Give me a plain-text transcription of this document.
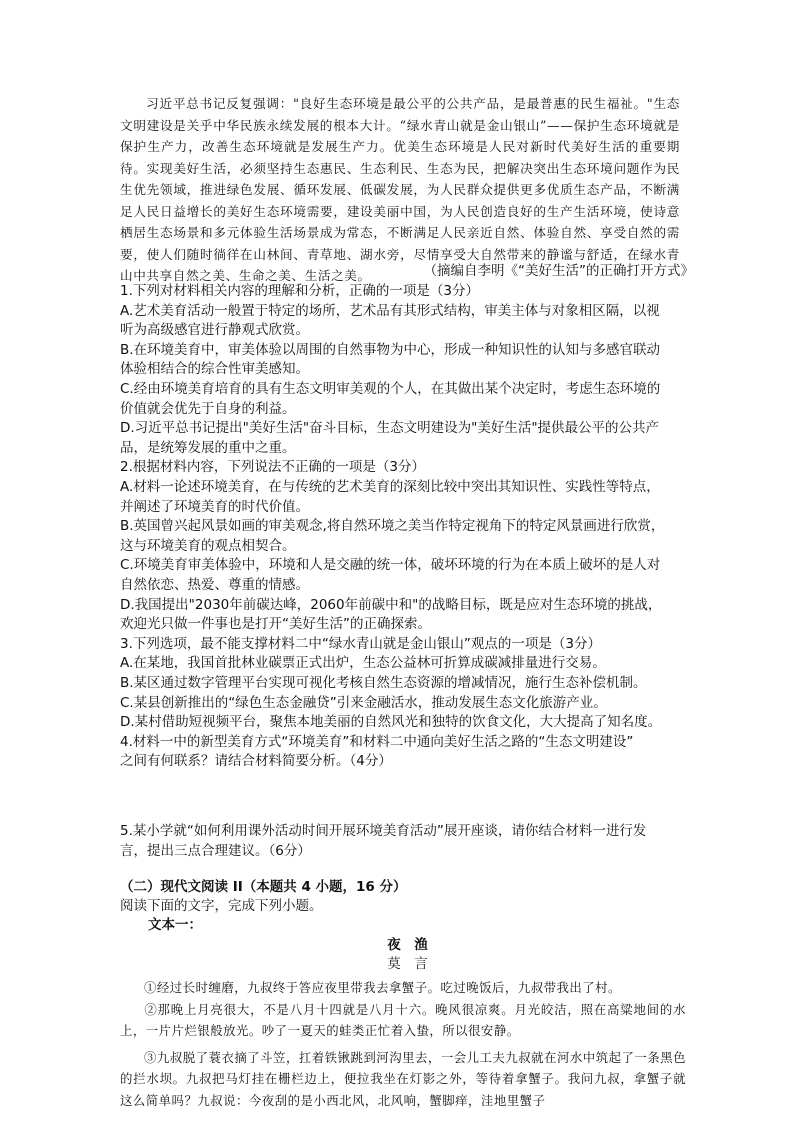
习近平总书记反复强调："良好生态环境是最公平的公共产品，是最普惠的民生福祉。"生态文明建设是关乎中华民族永续发展的根本大计。“绿水青山就是金山银山”——保护生态环境就是保护生产力，改善生态环境就是发展生产力。优美生态环境是人民对新时代美好生活的重要期待。实现美好生活，必须坚持生态惠民、生态利民、生态为民，把解决突出生态环境问题作为民生优先领域，推进绿色发展、循环发展、低碳发展，为人民群众提供更多优质生态产品，不断满足人民日益增长的美好生态环境需要，建设美丽中国，为人民创造良好的生产生活环境，使诗意栖居生态场景和多元体验生活场景成为常态，不断满足人民亲近自然、体验自然、享受自然的需要，使人们随时徜徉在山林间、青草地、湖水旁，尽情享受大自然带来的静谧与舒适，在绿水青山中共享自然之美、生命之美、生活之美。	（摘编自李明《“美好生活”的正确打开方式》
1.下列对材料相关内容的理解和分析，正确的一项是（3分）
A.艺术美育活动一般置于特定的场所，艺术品有其形式结构，审美主体与对象相区隔，以视
听为高级感官进行静观式欣赏。
B.在环境美育中，审美体验以周围的自然事物为中心，形成一种知识性的认知与多感官联动
体验相结合的综合性审美感知。
C.经由环境美育培育的具有生态文明审美观的个人，在其做出某个决定时，考虑生态环境的
价值就会优先于自身的利益。
D.习近平总书记提出"美好生活"奋斗目标，生态文明建设为"美好生活"提供最公平的公共产
品，是统筹发展的重中之重。
2.根据材料内容，下列说法不正确的一项是（3分）
A.材料一论述环境美育，在与传统的艺术美育的深刻比较中突出其知识性、实践性等特点，
并阐述了环境美育的时代价值。
B.英国曾兴起风景如画的审美观念,将自然环境之美当作特定视角下的特定风景画进行欣赏，
这与环境美育的观点相契合。
C.环境美育审美体验中，环境和人是交融的统一体，破坏环境的行为在本质上破坏的是人对
自然依恋、热爱、尊重的情感。
D.我国提出"2030年前碳达峰，2060年前碳中和"的战略目标，既是应对生态环境的挑战，
欢迎光只做一件事也是打开“美好生活”的正确探索。
3.下列选项，最不能支撑材料二中“绿水青山就是金山银山”观点的一项是（3分）
A.在某地，我国首批林业碳票正式出炉，生态公益林可折算成碳减排量进行交易。
B.某区通过数字管理平台实现可视化考核自然生态资源的增减情况，施行生态补偿机制。
C.某县创新推出的“绿色生态金融贷”引来金融活水，推动发展生态文化旅游产业。
D.某村借助短视频平台，聚焦本地美丽的自然风光和独特的饮食文化，大大提高了知名度。
4.材料一中的新型美育方式“环境美育”和材料二中通向美好生活之路的“生态文明建设”
之间有何联系？请结合材料简要分析。（4分）
5.某小学就“如何利用课外活动时间开展环境美育活动”展开座谈，请你结合材料一进行发
言，提出三点合理建议。（6分）
（二）现代文阅读 II（本题共 4 小题，16 分）
阅读下面的文字，完成下列小题。
文本一：
夜　渔
莫　言

①经过长时缠磨，九叔终于答应夜里带我去拿蟹子。吃过晚饭后，九叔带我出了村。

②那晚上月亮很大，不是八月十四就是八月十六。晚风很凉爽。月光皎洁，照在高粱地间的水上，一片片烂银般放光。吵了一夏天的蛙类正忙着入蛰，所以很安静。

③九叔脱了蓑衣摘了斗笠，扛着铁锹跳到河沟里去，一会儿工夫九叔就在河水中筑起了一条黑色的拦水坝。九叔把马灯挂在栅栏边上，便拉我坐在灯影之外，等待着拿蟹子。我问九叔，拿蟹子就这么简单吗？九叔说：今夜刮的是小西北风，北风响，蟹脚痒，洼地里蟹子
